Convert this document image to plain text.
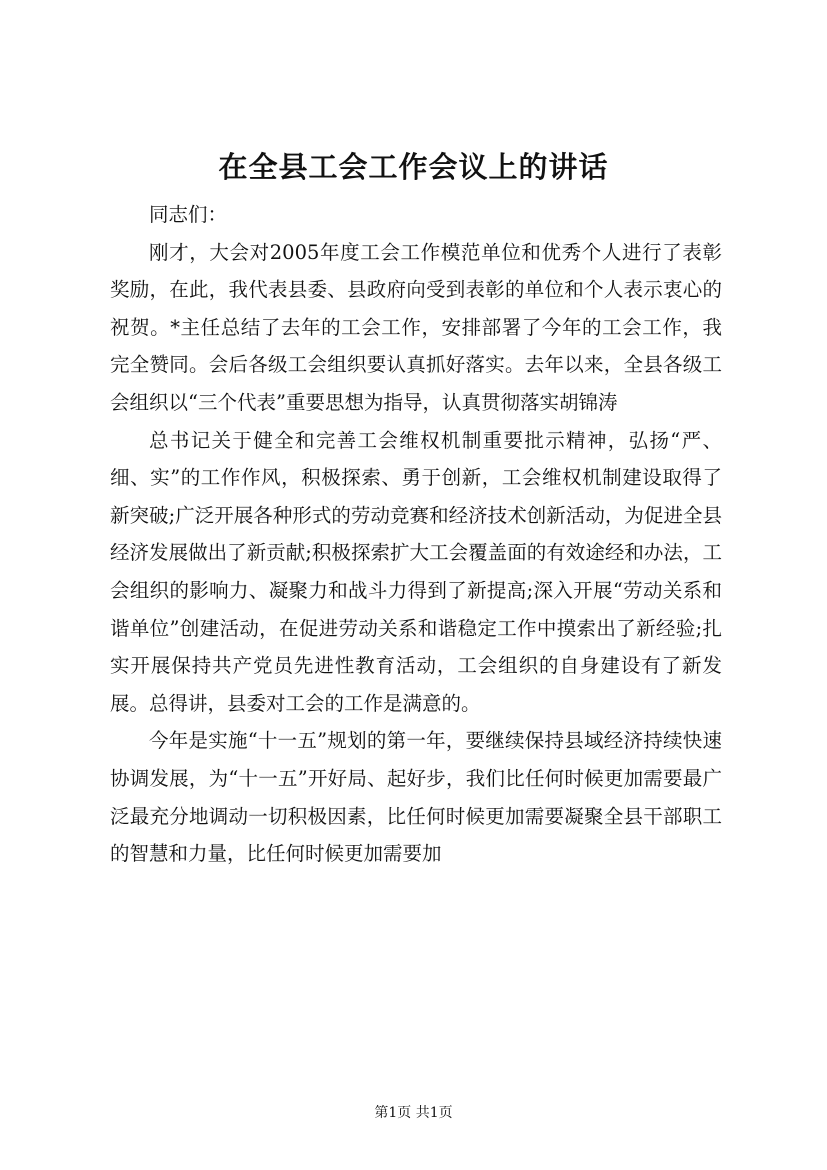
在全县工会工作会议上的讲话

同志们：

刚才，大会对2005年度工会工作模范单位和优秀个人进行了表彰奖励，在此，我代表县委、县政府向受到表彰的单位和个人表示衷心的祝贺。*主任总结了去年的工会工作，安排部署了今年的工会工作，我完全赞同。会后各级工会组织要认真抓好落实。去年以来，全县各级工会组织以“三个代表”重要思想为指导，认真贯彻落实胡锦涛

总书记关于健全和完善工会维权机制重要批示精神，弘扬“严、细、实”的工作作风，积极探索、勇于创新，工会维权机制建设取得了新突破;广泛开展各种形式的劳动竞赛和经济技术创新活动，为促进全县经济发展做出了新贡献;积极探索扩大工会覆盖面的有效途经和办法，工会组织的影响力、凝聚力和战斗力得到了新提高;深入开展“劳动关系和谐单位”创建活动，在促进劳动关系和谐稳定工作中摸索出了新经验;扎实开展保持共产党员先进性教育活动，工会组织的自身建设有了新发展。总得讲，县委对工会的工作是满意的。

今年是实施“十一五”规划的第一年，要继续保持县域经济持续快速协调发展，为“十一五”开好局、起好步，我们比任何时候更加需要最广泛最充分地调动一切积极因素，比任何时候更加需要凝聚全县干部职工的智慧和力量，比任何时候更加需要加

第1页 共1页
